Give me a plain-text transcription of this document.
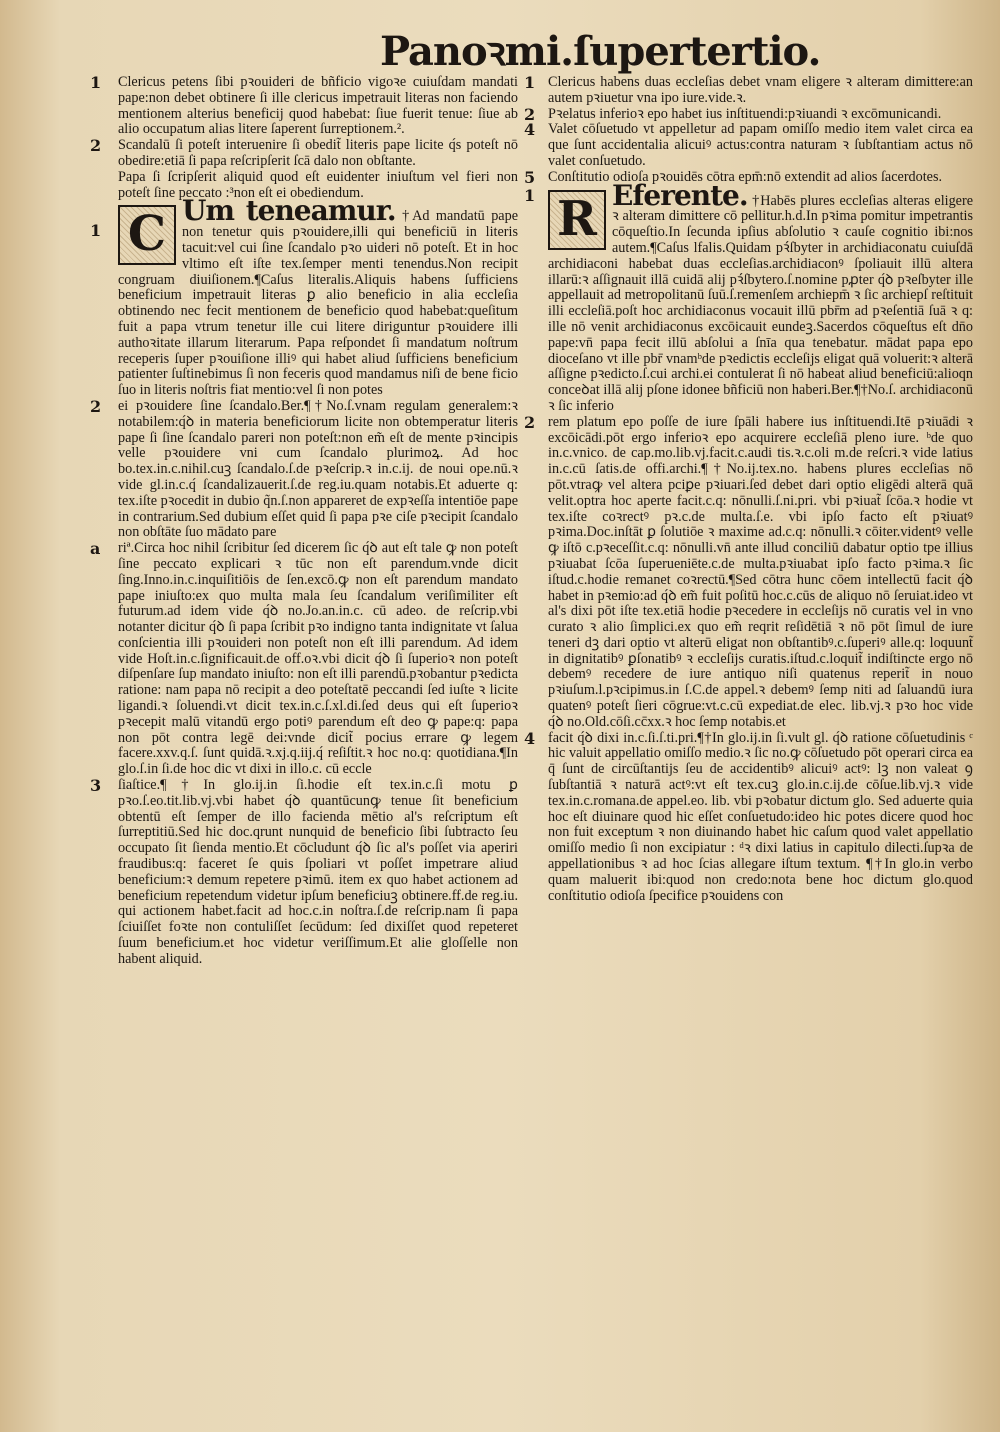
Panoꝛmi.ſupertertio.
1 Clericus petens ſibi pꝛouideri de bñficio vigoꝛe cuiuſdam mandati pape:non debet obtinere ſi ille clericus impetrauit literas non faciendo mentionem alterius beneficij quod habebat: ſiue fuerit tenue: ſiue ab alio occupatum alias litere ſaperent ſurreptionem.².

2 Scandalū ſi poteſt interuenire ſi obedit̃ literis pape licite q́s poteſt nō obedire:etiā ſi papa reſcripſerit ſcā dalo non obſtante.

Papa ſi ſcripſerit aliquid quod eſt euidenter iniuſtum vel fieri non poteſt ſine peccato :³non eſt ei obediendum.

1 C Um teneamur. †Ad mandatū pape non tenetur quis pꝛouidere,illi qui beneficiū in literis tacuit:vel cui ſine ſcandalo pꝛo uideri nō poteſt. Et in hoc vltimo eſt iſte tex.ſemper menti tenendus.Non recipit congruam diuiſionem.¶Caſus literalis.Aliquis habens ſufficiens beneficium impetrauit literas ꝑ alio beneficio in alia eccleſia obtinendo nec fecit mentionem de beneficio quod habebat:queſitum fuit a papa vtrum tenetur ille cui litere diriguntur pꝛouidere illi authoꝛitate illarum literarum. Papa reſpondet ſi mandatum noſtrum receperis ſuper pꝛouiſione illiꝰ qui habet aliud ſufficiens beneficium patienter ſuſtinebimus ſi non feceris quod mandamus niſi de bene ficio ſuo in literis noſtris fiat mentio:vel ſi non potes
2 ei pꝛouidere ſine ſcandalo.Ber.¶†No.ſ.vnam regulam generalem:ꝛ notabilem:q́ꝺ in materia beneficiorum licite non obtemperatur literis pape ſi ſine ſcandalo pareri non poteſt:non em̃ eſt de mente pꝛincipis velle pꝛouidere vni cum ſcandalo plurimoꝝ. Ad hoc bo.tex.in.c.nihil.cuꝫ ſcandalo.ſ.de pꝛeſcrip.ꝛ in.c.ij. de noui ope.nū.ꝛ vide gl.in.c.q́ ſcandalizauerit.ſ.de reg.iu.quam notabis.Et aduerte q: tex.iſte pꝛocedit in dubio q̃n.ſ.non appareret de expꝛeſſa intentiōe pape in contrarium.Sed dubium eſſet quid ſi papa pꝛe ciſe pꝛecipit ſcandalo non obſtāte ſuo mādato pare

a riª.Circa hoc nihil ſcribitur ſed dicerem ſic q́ꝺ aut eſt tale ꝙ non poteſt ſine peccato explicari ꝛ tūc non eſt parendum.vnde dicit ſing.Inno.in.c.inquiſitiōis de ſen.excō.ꝙ non eſt parendum mandato pape iniuſto:ex quo multa mala ſeu ſcandalum veriſimiliter eſt futurum.ad idem vide q́ꝺ no.Jo.an.in.c. cū adeo. de reſcrip.vbi notanter dicitur q́ꝺ ſi papa ſcribit pꝛo indigno tanta indignitate vt ſalua conſcientia illi pꝛouideri non poteſt non eſt illi parendum. Ad idem vide Hoſt.in.c.ſignificauit.de off.oꝛ.vbi dicit q́ꝺ ſi ſuperioꝛ non poteſt diſpenſare ſup mandato iniuſto: non eſt illi parendū.pꝛobantur pꝛedicta ratione: nam papa nō recipit a deo poteſtatē peccandi ſed iuſte ꝛ licite ligandi.ꝛ ſoluendi.vt dicit tex.in.c.ſ.xl.di.ſed deus qui eſt ſuperioꝛ pꝛecepit malū vitandū ergo potiꝰ parendum eſt deo ꝙ pape:q: papa non pōt contra legē dei:vnde dicit̃ pocius errare ꝙ legem facere.xxv.q.ſ. ſunt quidā.ꝛ.xj.q.iij.q́ reſiſtit.ꝛ hoc no.q: quotidiana.¶In glo.ſ.in ſi.de hoc dic vt dixi in illo.c. cū eccle

3 ſiaſtice.¶†In glo.ij.in ſi.hodie eſt tex.in.c.ſi motu ꝑ pꝛo.ſ.eo.tit.lib.vj.vbi habet q́ꝺ quantūcunꝙ tenue ſit beneficium obtentū eſt ſemper de illo facienda mētio al's reſcriptum eſt ſurreptitiū.Sed hic doc.qrunt nunquid de beneficio ſibi ſubtracto ſeu occupato ſit ſienda mentio.Et cōcludunt q́ꝺ ſic al's poſſet via aperiri fraudibus:q: faceret ſe quis ſpoliari vt poſſet impetrare aliud beneficium:ꝛ demum repetere pꝛimū. item ex quo habet actionem ad beneficium repetendum videtur ipſum beneficiuꝫ obtinere.ff.de reg.iu. qui actionem habet.facit ad hoc.c.in noſtra.ſ.de reſcrip.nam ſi papa ſciuiſſet foꝛte non contuliſſet ſecūdum: ſed dixiſſet quod repeteret ſuum beneficium.et hoc videtur veriſſimum.Et alie gloſſelle non habent aliquid.

1 Clericus habens duas eccleſias debet vnam eligere ꝛ alteram dimittere:an autem pꝛiuetur vna ipo iure.vide.ꝛ.

2 Pꝛelatus inferioꝛ epo habet ius inſtituendi:pꝛiuandi ꝛ excōmunicandi.

4 Valet cōſuetudo vt appelletur ad papam omiſſo medio item valet circa ea que ſunt accidentalia alicuiꝰ actus:contra naturam ꝛ ſubſtantiam actus nō valet conſuetudo.

5 Conſtitutio odioſa pꝛouidēs cōtra epm̄:nō extendit ad alios ſacerdotes.

1 R Eferente. †Habēs plures eccleſias alteras eligere ꝛ alteram dimittere cō pellitur.h.d.In pꝛima pomitur impetrantis cōqueſtio.In ſecunda ipſius abſolutio ꝛ cauſe cognitio ibi:nos autem.¶Caſus lfalis.Quidam pꝛ́ſbyter in archidiaconatu cuiuſdā archidiaconi habebat duas eccleſias.archidiaconꝰ ſpoliauit illū altera illarū:ꝛ aſſignauit illā cuidā alij pꝛ́ſbytero.ſ.nomine pꝓter q́ꝺ pꝛeſbyter ille appellauit ad metropolitanū ſuū.ſ.remenſem archiepm̄ ꝛ ſic archiepſ reſtituit illi eccleſiā.poſt hoc archidiaconus vocauit illū pbr̄m ad pꝛeſentiā ſuā ꝛ q: ille nō venit archidiaconus excōicauit eundeꝫ.Sacerdos cōqueſtus eſt dn̄o pape:vn̄ papa fecit illū abſolui a ſnīa qua tenebatur. mādat papa epo dioceſano vt ille pbr̄ vnamᵇde pꝛedictis eccleſijs eligat quā voluerit:ꝛ alterā aſſigne pꝛedicto.ſ.cui archi.ei contulerat ſi nō habeat aliud beneficiū:alioqn conceꝺat illā alij pſone idonee bñficiū non haberi.Ber.¶†No.ſ. archidiaconū ꝛ ſic inferio
2 rem platum epo poſſe de iure ſpāli habere ius inſtituendi.Itē pꝛiuādi ꝛ excōicādi.pōt ergo inferioꝛ epo acquirere eccleſiā pleno iure. ᵇde quo in.c.vnico. de cap.mo.lib.vj.facit.c.audi tis.ꝛ.c.oli m.de reſcri.ꝛ vide latius in.c.cū ſatis.de offi.archi.¶†No.ij.tex.no. habens plures eccleſias nō pōt.vtraꝙ vel altera pciꝑe pꝛiuari.ſed debet dari optio eligēdi alterā quā velit.optra hoc aperte facit.c.q: nōnulli.ſ.ni.pri. vbi pꝛiuat̃ ſcōa.ꝛ hodie vt tex.iſte coꝛrectꝰ pꝛ.c.de multa.ſ.e. vbi ipſo facto eſt pꝛiuatꝰ pꝛima.Doc.inſtāt ꝑ ſolutiōe ꝛ maxime ad.c.q: nōnulli.ꝛ cōiter.videntꝰ velle ꝙ iſtō c.pꝛeceſſit.c.q: nōnulli.vn̄ ante illud conciliū dabatur optio tpe illius pꝛiuabat ſcōa ſuperueniēte.c.de multa.pꝛiuabat ipſo facto pꝛima.ꝛ ſic iſtud.c.hodie remanet coꝛrectū.¶Sed cōtra hunc cōem intellectū facit q́ꝺ habet in pꝛemio:ad q́ꝺ em̃ fuit poſitū hoc.c.cūs de aliquo nō ſeruiat.ideo vt al's dixi pōt iſte tex.etiā hodie pꝛecedere in eccleſijs nō curatis vel in vno curato ꝛ alio ſimplici.ex quo em̃ reqrit reſidētiā ꝛ nō pōt ſimul de iure teneri dꝫ dari optio vt alterū eligat non obſtantibꝰ.c.ſuperiꝰ alle.q: loquunt̃ in dignitatibꝰ ꝑſonatibꝰ ꝛ eccleſijs curatis.iſtud.c.loquit̃ indiſtincte ergo nō debemꝰ recedere de iure antiquo niſi quatenus reperit̃ in nouo pꝛiuſum.l.pꝛcipimus.in ſ.C.de appel.ꝛ debemꝰ ſemp niti ad ſaluandū iura quatenꝰ poteſt ſieri cōgrue:vt.c.cū expediat.de elec. lib.vj.ꝛ pꝛo hoc vide q́ꝺ no.Old.cōſi.cc̄xx.ꝛ hoc ſemp notabis.et

4 facit q́ꝺ dixi in.c.ſi.ſ.ti.pri.¶†In glo.ij.in ſi.vult gl. q́ꝺ ratione cōſuetudinis ᶜ hic valuit appellatio omiſſo medio.ꝛ ſic no.ꝙ cōſuetudo pōt operari circa ea q̄ ſunt de circūſtantijs ſeu de accidentibꝰ alicuiꝰ actꝰ: lꝫ non valeat ꝯ ſubſtantiā ꝛ naturā actꝰ:vt eſt tex.cuꝫ glo.in.c.ij.de cōſue.lib.vj.ꝛ vide tex.in.c.romana.de appel.eo. lib. vbi pꝛobatur dictum glo. Sed aduerte quia hoc eſt diuinare quod hic eſſet conſuetudo:ideo hic potes dicere quod hoc non fuit exceptum ꝛ non diuinando habet hic caſum quod valet appellatio omiſſo medio ſi non excipiatur : ᵈꝛ dixi latius in capitulo dilecti.ſupꝛa de appellationibus ꝛ ad hoc ſcias allegare iſtum textum. ¶†In glo.in verbo quam maluerit ibi:quod non credo:nota bene hoc dictum glo.quod conſtitutio odioſa ſpecifice pꝛouidens con
